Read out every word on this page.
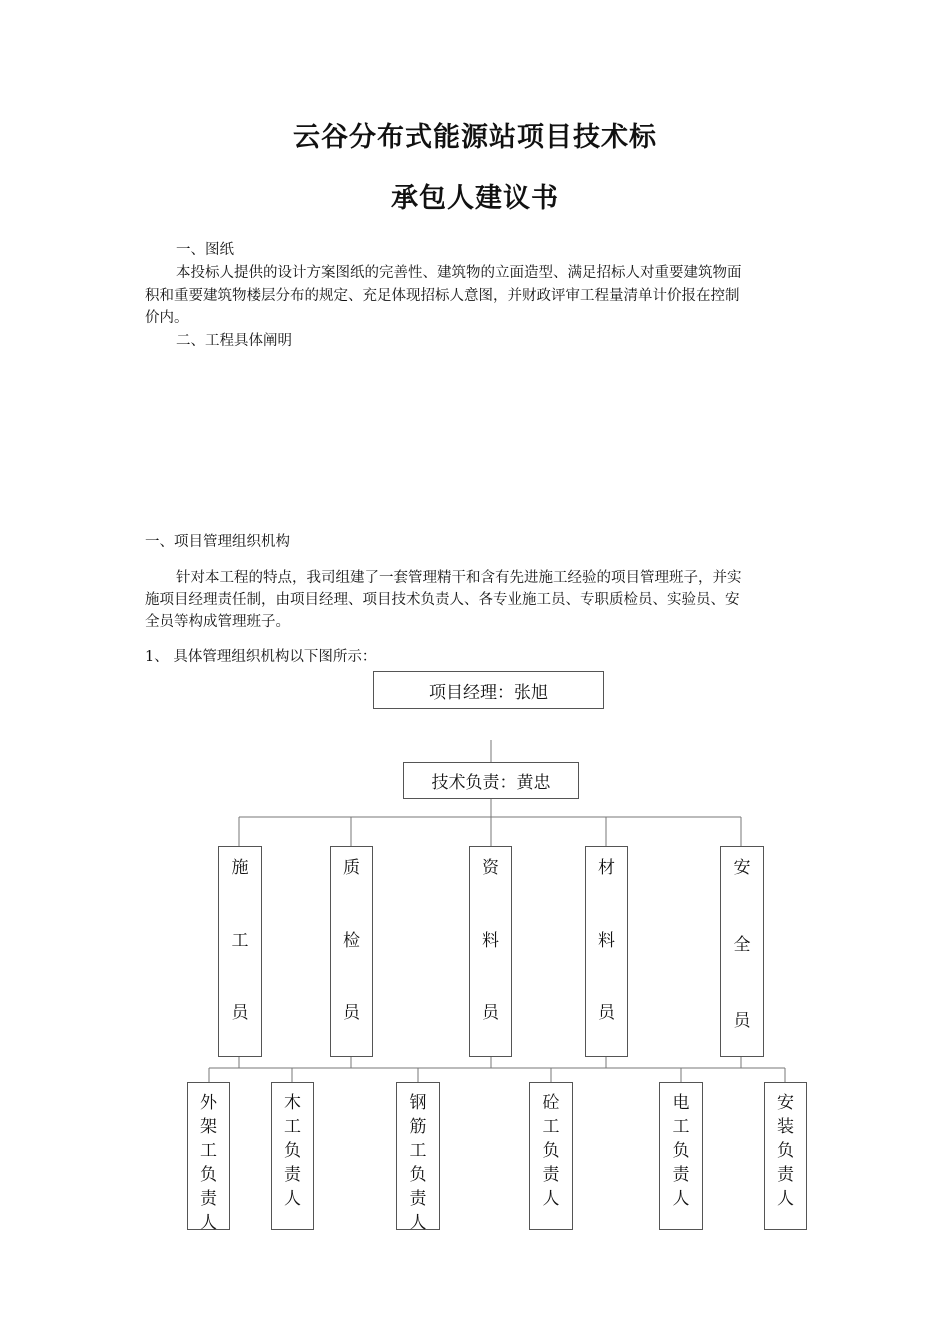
云谷分布式能源站项目技术标
承包人建议书
一、图纸
本投标人提供的设计方案图纸的完善性、建筑物的立面造型、满足招标人对重要建筑物面
积和重要建筑物楼层分布的规定、充足体现招标人意图，并财政评审工程量清单计价报在控制
价内。
二、工程具体阐明
一、项目管理组织机构
针对本工程的特点，我司组建了一套管理精干和含有先进施工经验的项目管理班子，并实
施项目经理责任制，由项目经理、项目技术负责人、各专业施工员、专职质检员、实验员、安
全员等构成管理班子。
1、 具体管理组织机构以下图所示：
项目经理：张旭
技术负责：黄忠
施
工
员
质
检
员
资
料
员
材
料
员
安
全
员
外
架
工
负
责
人
木
工
负
责
人
钢
筋
工
负
责
人
砼
工
负
责
人
电
工
负
责
人
安
装
负
责
人
